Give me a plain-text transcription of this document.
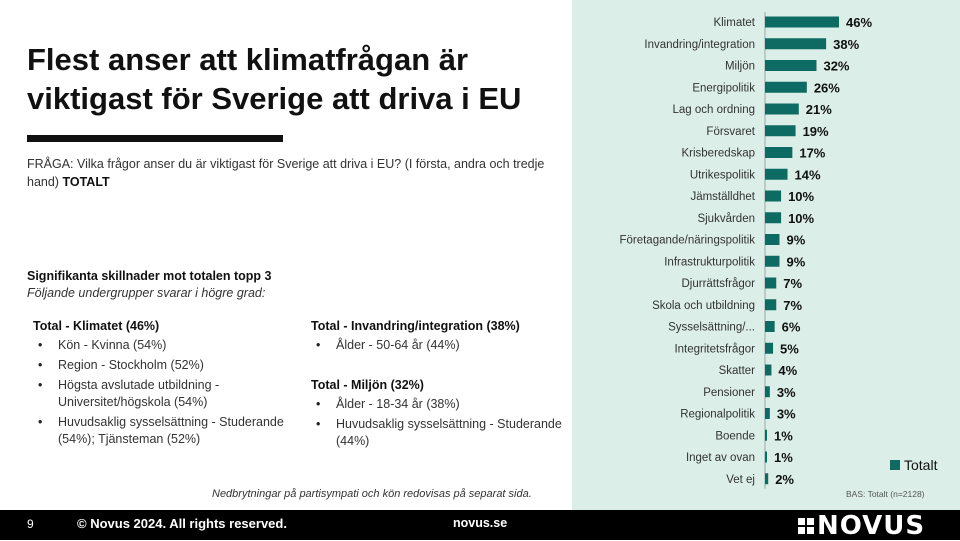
Flest anser att klimatfrågan är viktigast för Sverige att driva i EU
FRÅGA: Vilka frågor anser du är viktigast för Sverige att driva i EU? (I första, andra och tredje hand) TOTALT
Signifikanta skillnader mot totalen topp 3
Följande undergrupper svarar i högre grad:
Total - Klimatet (46%)
• Kön - Kvinna (54%)
• Region - Stockholm (52%)
• Högsta avslutade utbildning - Universitet/högskola (54%)
• Huvudsaklig sysselsättning - Studerande (54%); Tjänsteman (52%)
Total - Invandring/integration (38%)
• Ålder - 50-64 år (44%)
Total - Miljön (32%)
• Ålder - 18-34 år (38%)
• Huvudsaklig sysselsättning - Studerande (44%)
Nedbrytningar på partisympati och kön redovisas på separat sida.
Klimatet	46%
Invandring/integration	38%
Miljön	32%
Energipolitik	26%
Lag och ordning	21%
Försvaret	19%
Krisberedskap	17%
Utrikespolitik	14%
Jämställdhet	10%
Sjukvården	10%
Företagande/näringspolitik 9%
Infrastrukturpolitik 9%
Djurrättsfrågor 7%
Skola och utbildning 7%
Sysselsättning/... 6%
Integritetsfrågor 5%
Skatter 4%
Pensioner 3%
Regionalpolitik 3%
Boende 1%
Inget av ovan 1%
Vet ej 2%
Totalt
BAS: Totalt (n=2128)
9	© Novus 2024. All rights reserved.	novus.se	NOVUS
